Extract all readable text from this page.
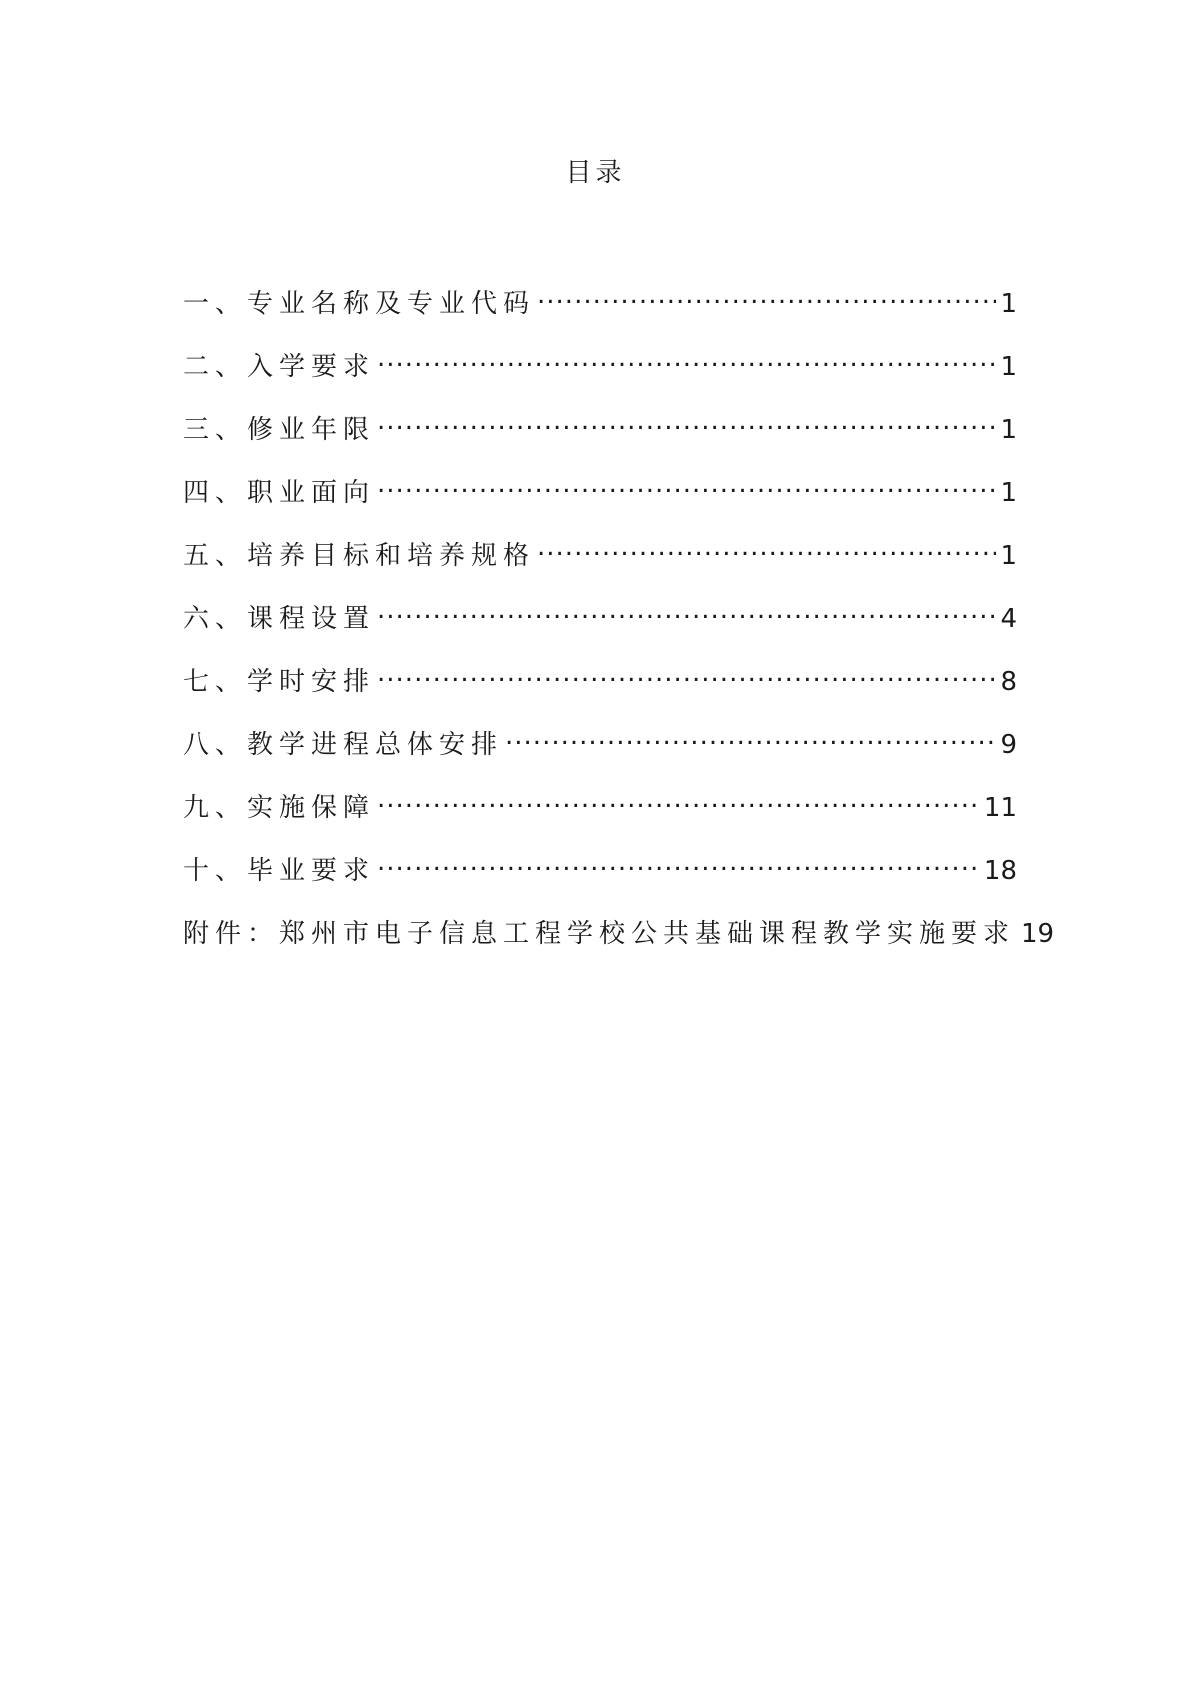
目录
一、专业名称及专业代码 .....	1
二、入学要求 .....	1
三、修业年限 .....	1
四、职业面向 .....	1
五、培养目标和培养规格 .....	1
六、课程设置 .....	4
七、学时安排 .....	8
八、教学进程总体安排 .....	9
九、实施保障 .....	11
十、毕业要求 .....	18
附件：郑州市电子信息工程学校公共基础课程教学实施要求 19
